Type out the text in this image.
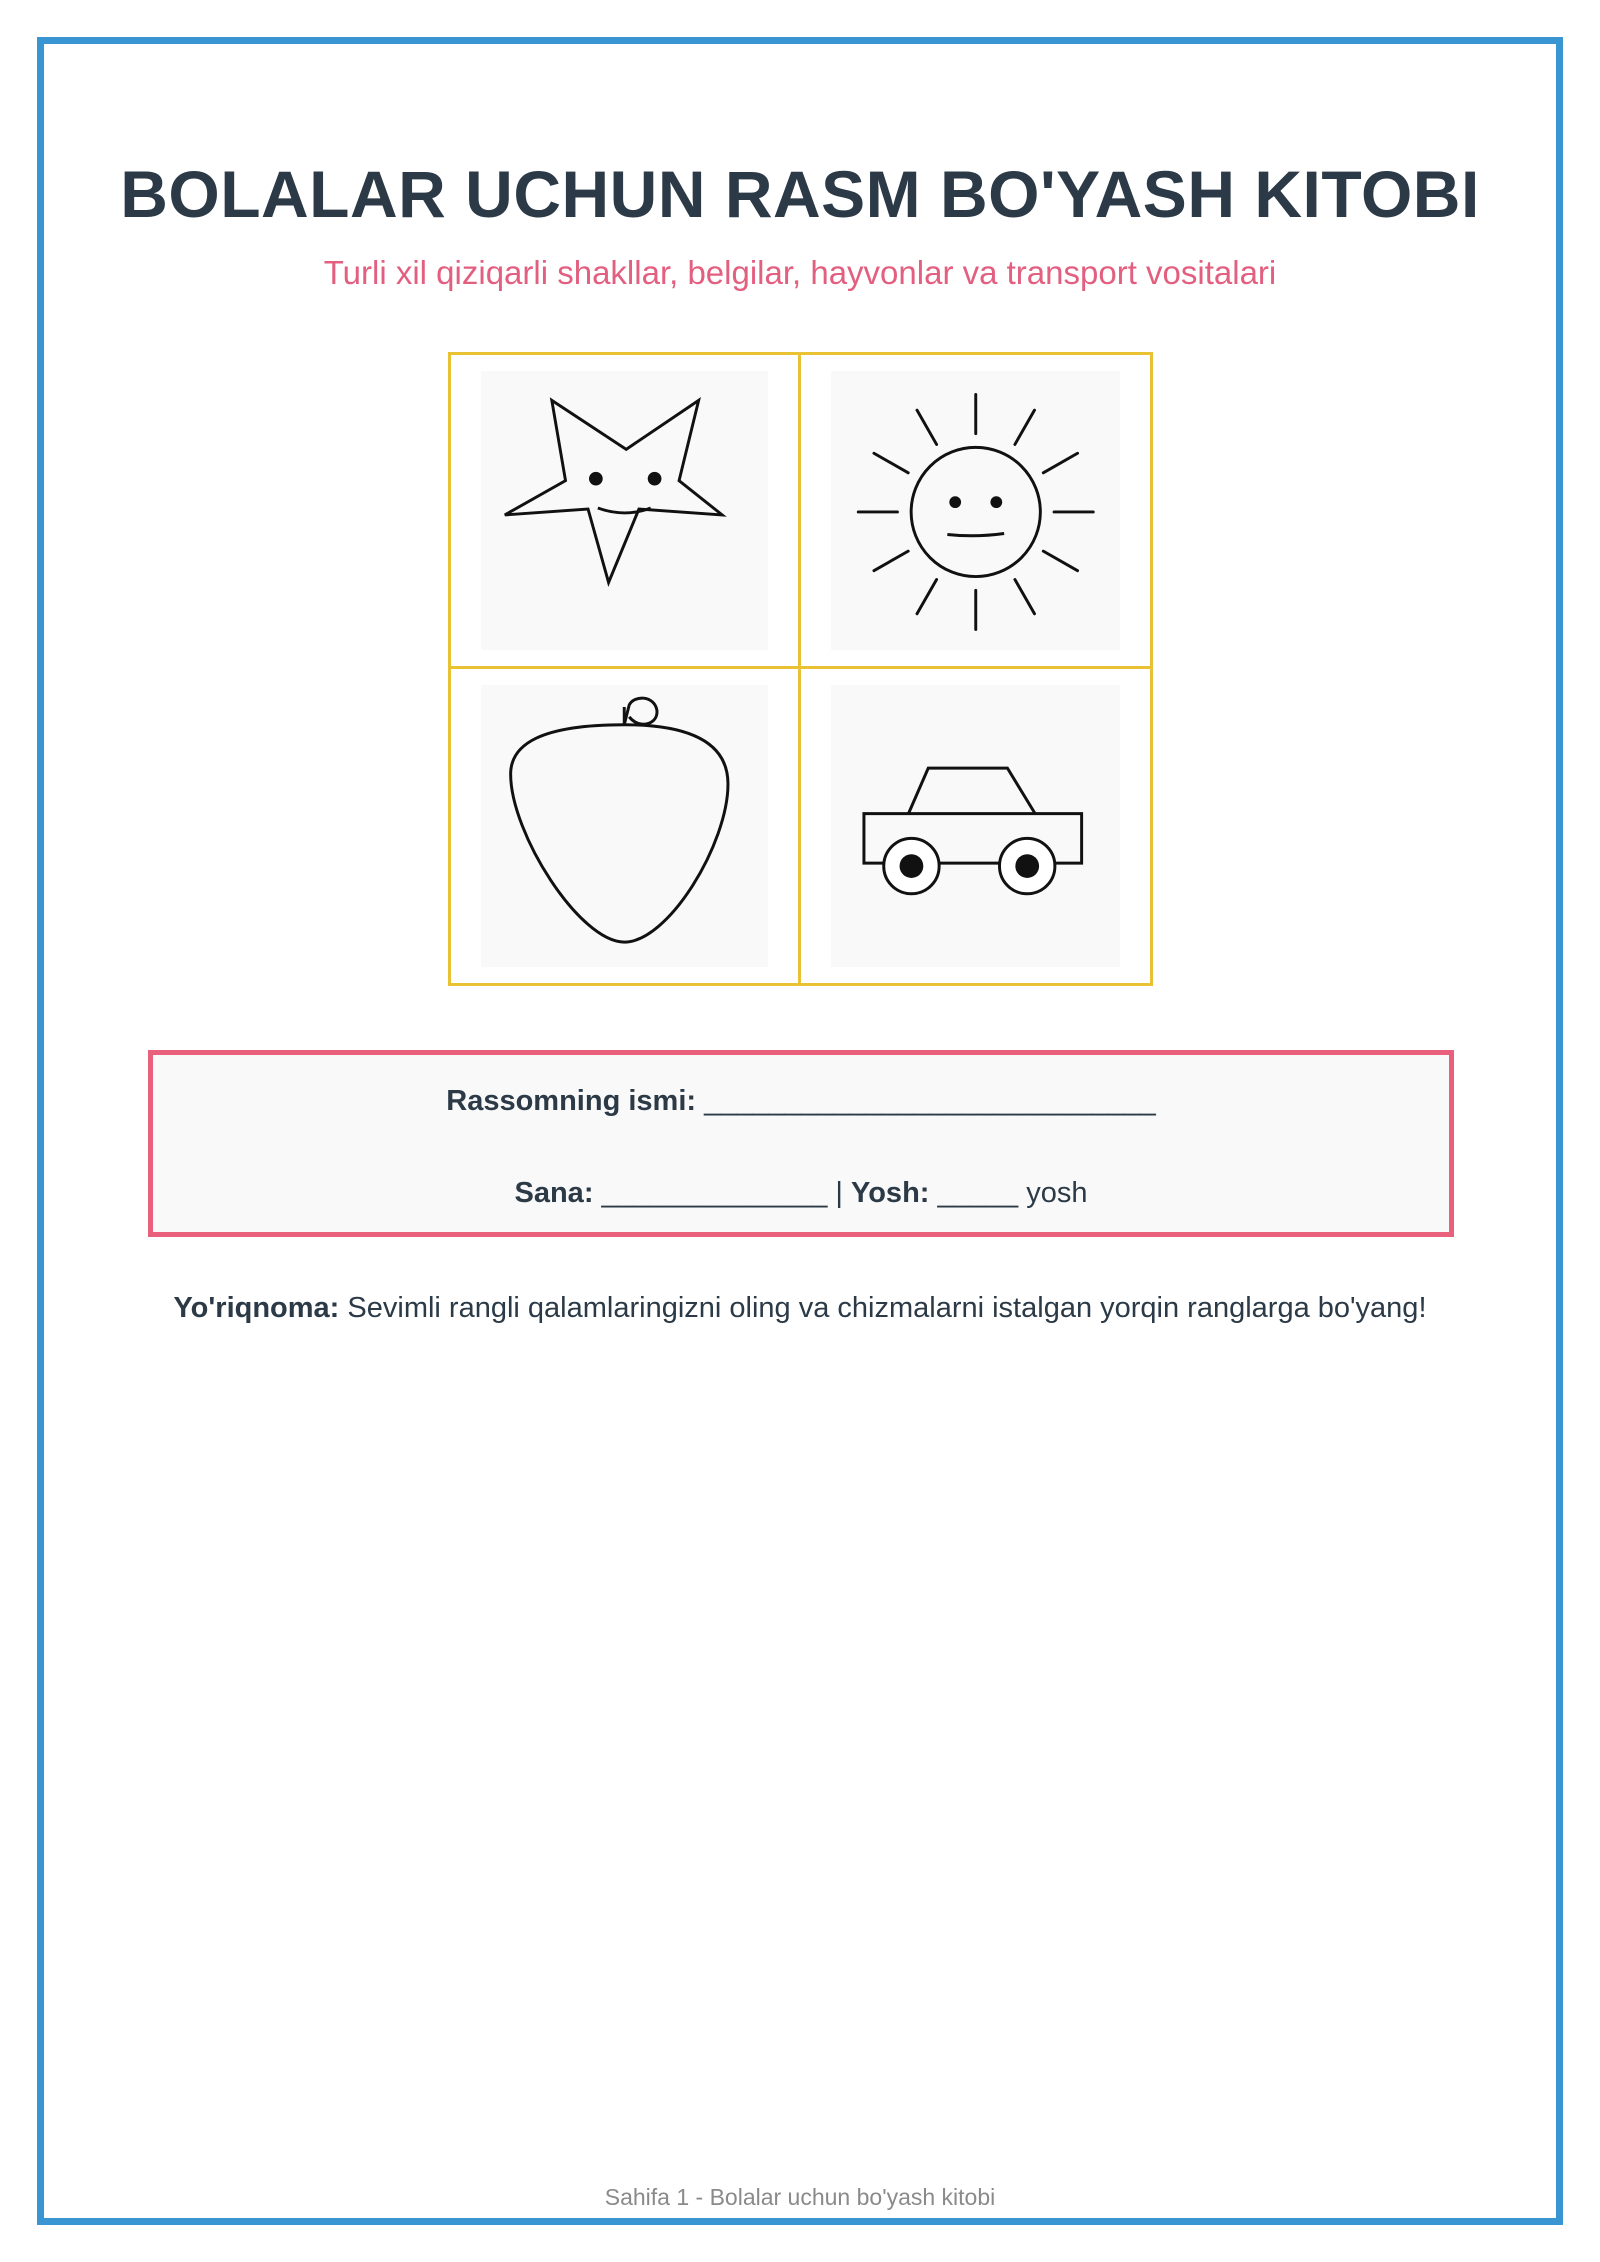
BOLALAR UCHUN RASM BO'YASH KITOBI

Turli xil qiziqarli shakllar, belgilar, hayvonlar va transport vositalari

Rassomning ismi: ____________________________
Sana: ______________ | Yosh: _____ yosh
Yo'riqnoma: Sevimli rangli qalamlaringizni oling va chizmalarni istalgan yorqin ranglarga bo'yang!
Sahifa 1 - Bolalar uchun bo'yash kitobi
